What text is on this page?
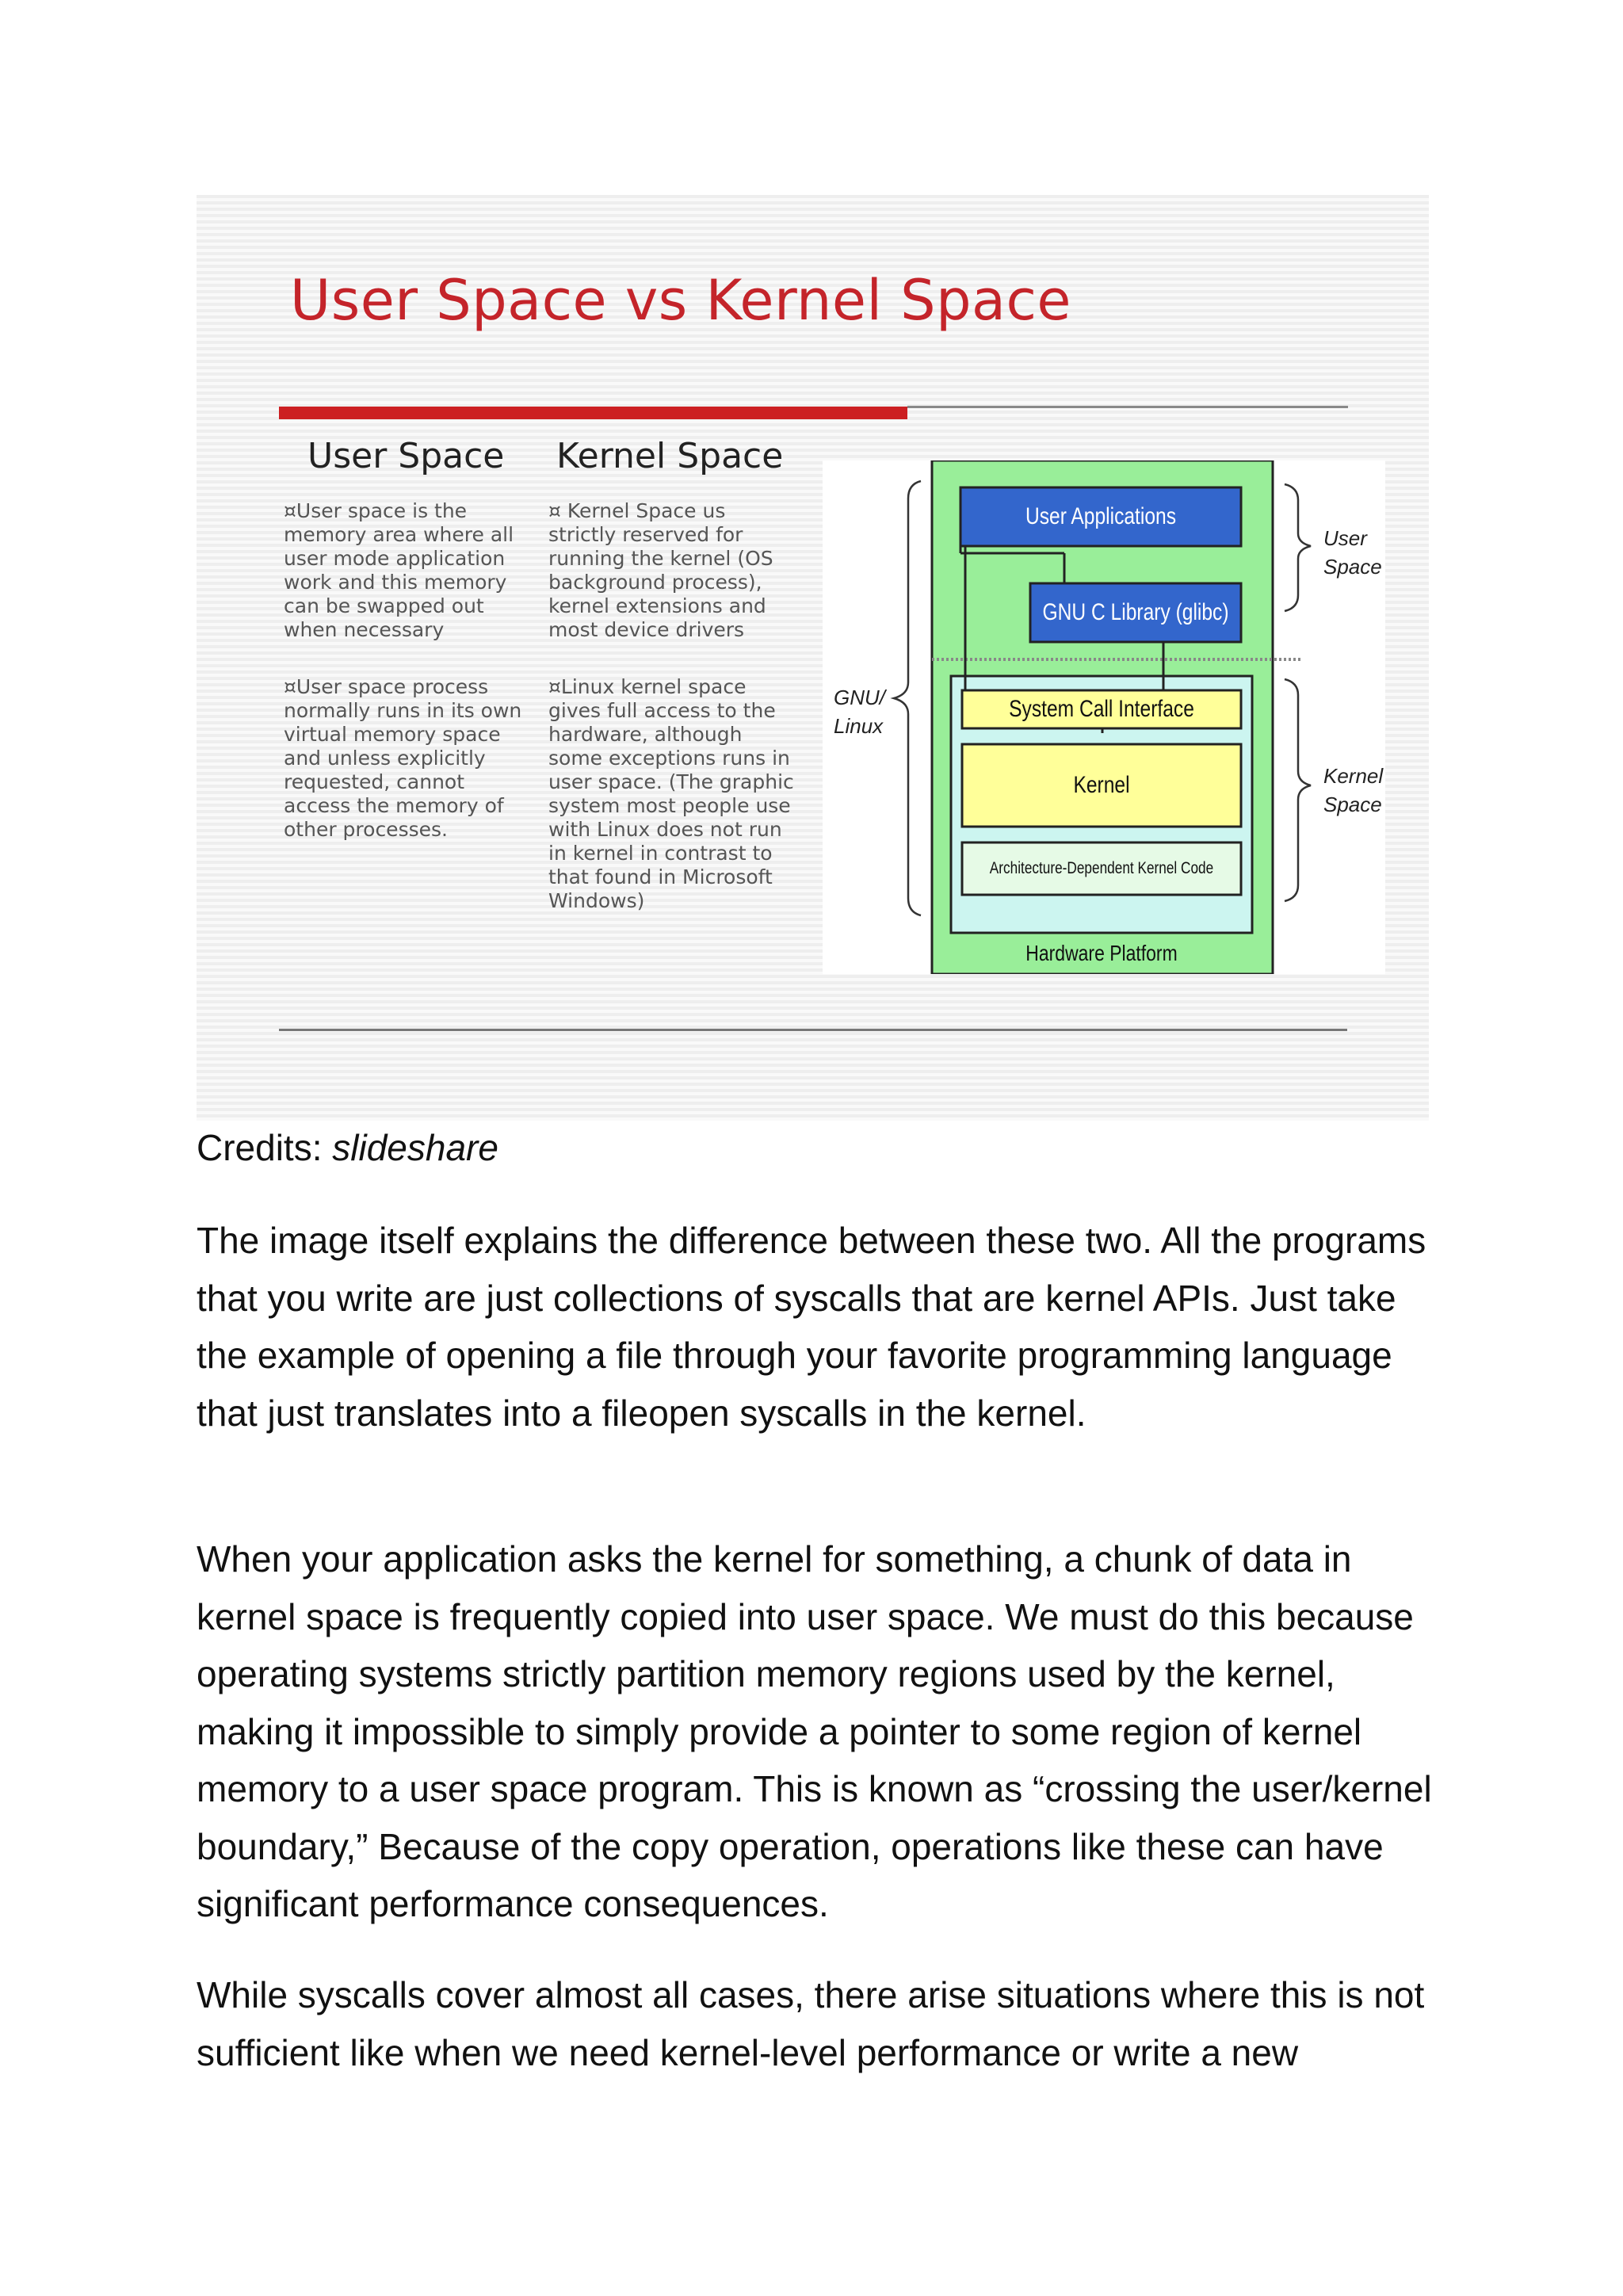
User Space vs Kernel Space
User Space Kernel Space

¤User space is the memory area where all user mode application work and this memory can be swapped out when necessary

¤User space process normally runs in its own virtual memory space and unless explicitly requested, cannot access the memory of other processes.

¤ Kernel Space us strictly reserved for running the kernel (OS background process), kernel extensions and most device drivers

¤Linux kernel space gives full access to the hardware, although some exceptions runs in user space. (The graphic system most people use with Linux does not run in kernel in contrast to that found in Microsoft Windows)

User Applications
GNU C Library (glibc)
System Call Interface
Kernel
Architecture-Dependent Kernel Code
Hardware Platform
GNU/ Linux
User Space
Kernel Space
Credits: slideshare

The image itself explains the difference between these two. All the programs that you write are just collections of syscalls that are kernel APIs. Just take the example of opening a file through your favorite programming language that just translates into a fileopen syscalls in the kernel.

When your application asks the kernel for something, a chunk of data in kernel space is frequently copied into user space. We must do this because operating systems strictly partition memory regions used by the kernel, making it impossible to simply provide a pointer to some region of kernel memory to a user space program. This is known as “crossing the user/kernel boundary,” Because of the copy operation, operations like these can have significant performance consequences.

While syscalls cover almost all cases, there arise situations where this is not sufficient like when we need kernel-level performance or write a new
